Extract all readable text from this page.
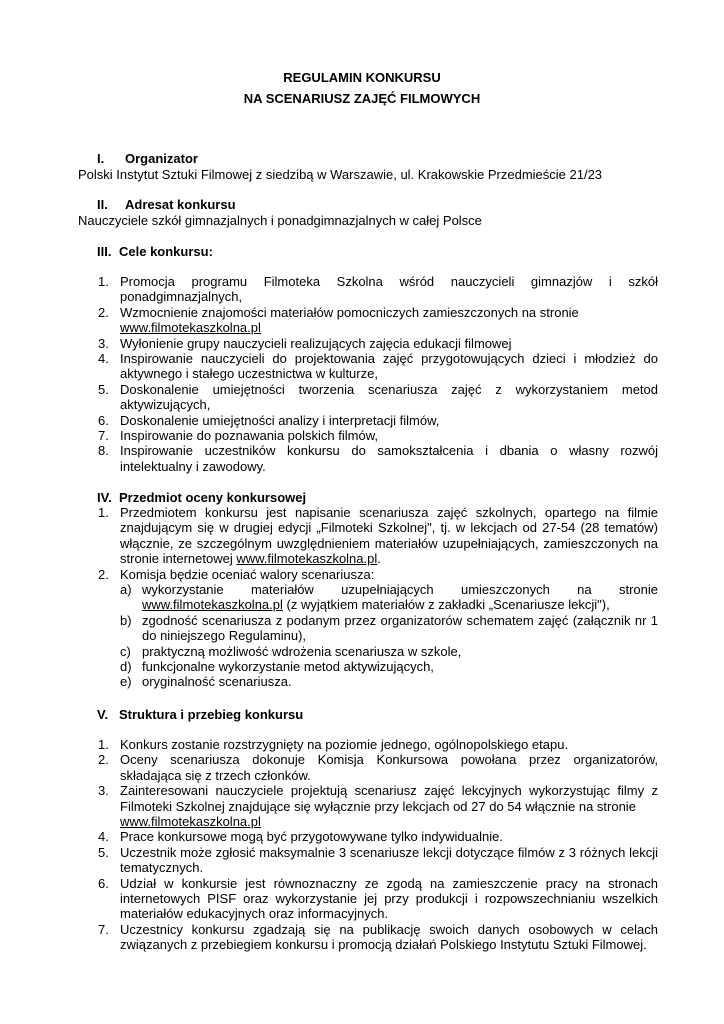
REGULAMIN KONKURSU
NA SCENARIUSZ ZAJĘĆ FILMOWYCH
I. Organizator
Polski Instytut Sztuki Filmowej z siedzibą w Warszawie, ul. Krakowskie Przedmieście 21/23
II. Adresat konkursu
Nauczyciele szkół gimnazjalnych i ponadgimnazjalnych w całej Polsce
III. Cele konkursu:
1. Promocja programu Filmoteka Szkolna wśród nauczycieli gimnazjów i szkół ponadgimnazjalnych,
2. Wzmocnienie znajomości materiałów pomocniczych zamieszczonych na stronie
www.filmotekaszkolna.pl
3. Wyłonienie grupy nauczycieli realizujących zajęcia edukacji filmowej
4. Inspirowanie nauczycieli do projektowania zajęć przygotowujących dzieci i młodzież do aktywnego i stałego uczestnictwa w kulturze,
5. Doskonalenie umiejętności tworzenia scenariusza zajęć z wykorzystaniem metod aktywizujących,
6. Doskonalenie umiejętności analizy i interpretacji filmów,
7. Inspirowanie do poznawania polskich filmów,
8. Inspirowanie uczestników konkursu do samokształcenia i dbania o własny rozwój intelektualny i zawodowy.
IV. Przedmiot oceny konkursowej
1. Przedmiotem konkursu jest napisanie scenariusza zajęć szkolnych, opartego na filmie znajdującym się w drugiej edycji „Filmoteki Szkolnej", tj. w lekcjach od 27-54 (28 tematów) włącznie, ze szczególnym uwzględnieniem materiałów uzupełniających, zamieszczonych na stronie internetowej www.filmotekaszkolna.pl.
2. Komisja będzie oceniać walory scenariusza:
a) wykorzystanie materiałów uzupełniających umieszczonych na stronie www.filmotekaszkolna.pl (z wyjątkiem materiałów z zakładki „Scenariusze lekcji"),
b) zgodność scenariusza z podanym przez organizatorów schematem zajęć (załącznik nr 1 do niniejszego Regulaminu),
c) praktyczną możliwość wdrożenia scenariusza w szkole,
d) funkcjonalne wykorzystanie metod aktywizujących,
e) oryginalność scenariusza.
V. Struktura i przebieg konkursu
1. Konkurs zostanie rozstrzygnięty na poziomie jednego, ogólnopolskiego etapu.
2. Oceny scenariusza dokonuje Komisja Konkursowa powołana przez organizatorów, składająca się z trzech członków.
3. Zainteresowani nauczyciele projektują scenariusz zajęć lekcyjnych wykorzystując filmy z Filmoteki Szkolnej znajdujące się wyłącznie przy lekcjach od 27 do 54 włącznie na stronie
www.filmotekaszkolna.pl
4. Prace konkursowe mogą być przygotowywane tylko indywidualnie.
5. Uczestnik może zgłosić maksymalnie 3 scenariusze lekcji dotyczące filmów z 3 różnych lekcji tematycznych.
6. Udział w konkursie jest równoznaczny ze zgodą na zamieszczenie pracy na stronach internetowych PISF oraz wykorzystanie jej przy produkcji i rozpowszechnianiu wszelkich materiałów edukacyjnych oraz informacyjnych.
7. Uczestnicy konkursu zgadzają się na publikację swoich danych osobowych w celach związanych z przebiegiem konkursu i promocją działań Polskiego Instytutu Sztuki Filmowej.
